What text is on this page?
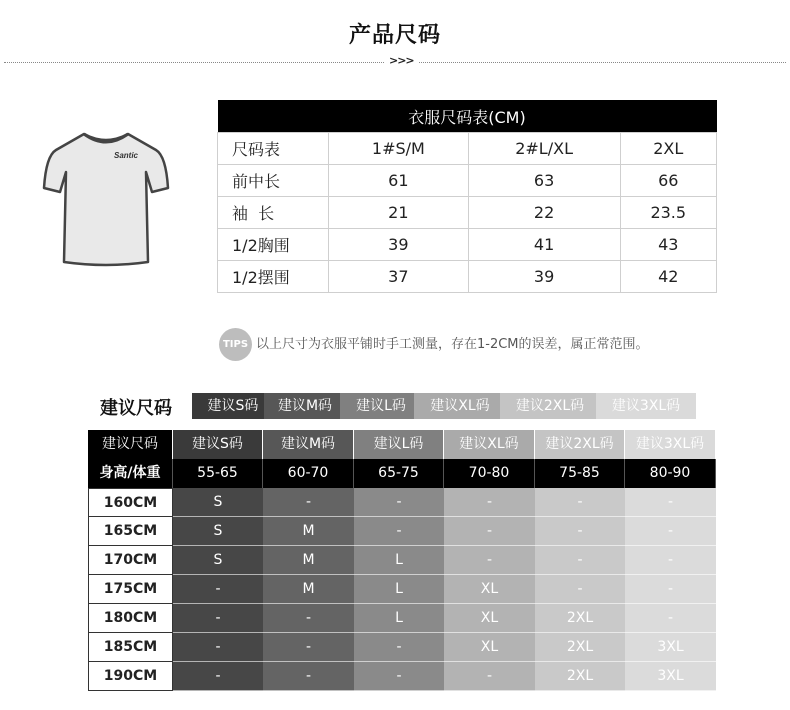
产品尺码
>>>
Santic
衣服尺码表(CM)			
尺码表	1#S/M	2#L/XL	2XL
前中长	61	63	66
袖  长	21	22	23.5
1/2胸围	39	41	43
1/2摆围	37	39	42
TIPS 以上尺寸为衣服平铺时手工测量，存在1-2CM的误差，属正常范围。
建议尺码	建议S码	建议M码	建议L码	建议XL码	建议2XL码	建议3XL码
建议尺码	建议S码	建议M码	建议L码	建议XL码	建议2XL码	建议3XL码
身高/体重	55-65	60-70	65-75	70-80	75-85	80-90
160CM	S	-	-	-	-	-
165CM	S	M	-	-	-	-
170CM	S	M	L	-	-	-
175CM	-	M	L	XL	-	-
180CM	-	-	L	XL	2XL	-
185CM	-	-	-	XL	2XL	3XL
190CM	-	-	-	-	2XL	3XL
